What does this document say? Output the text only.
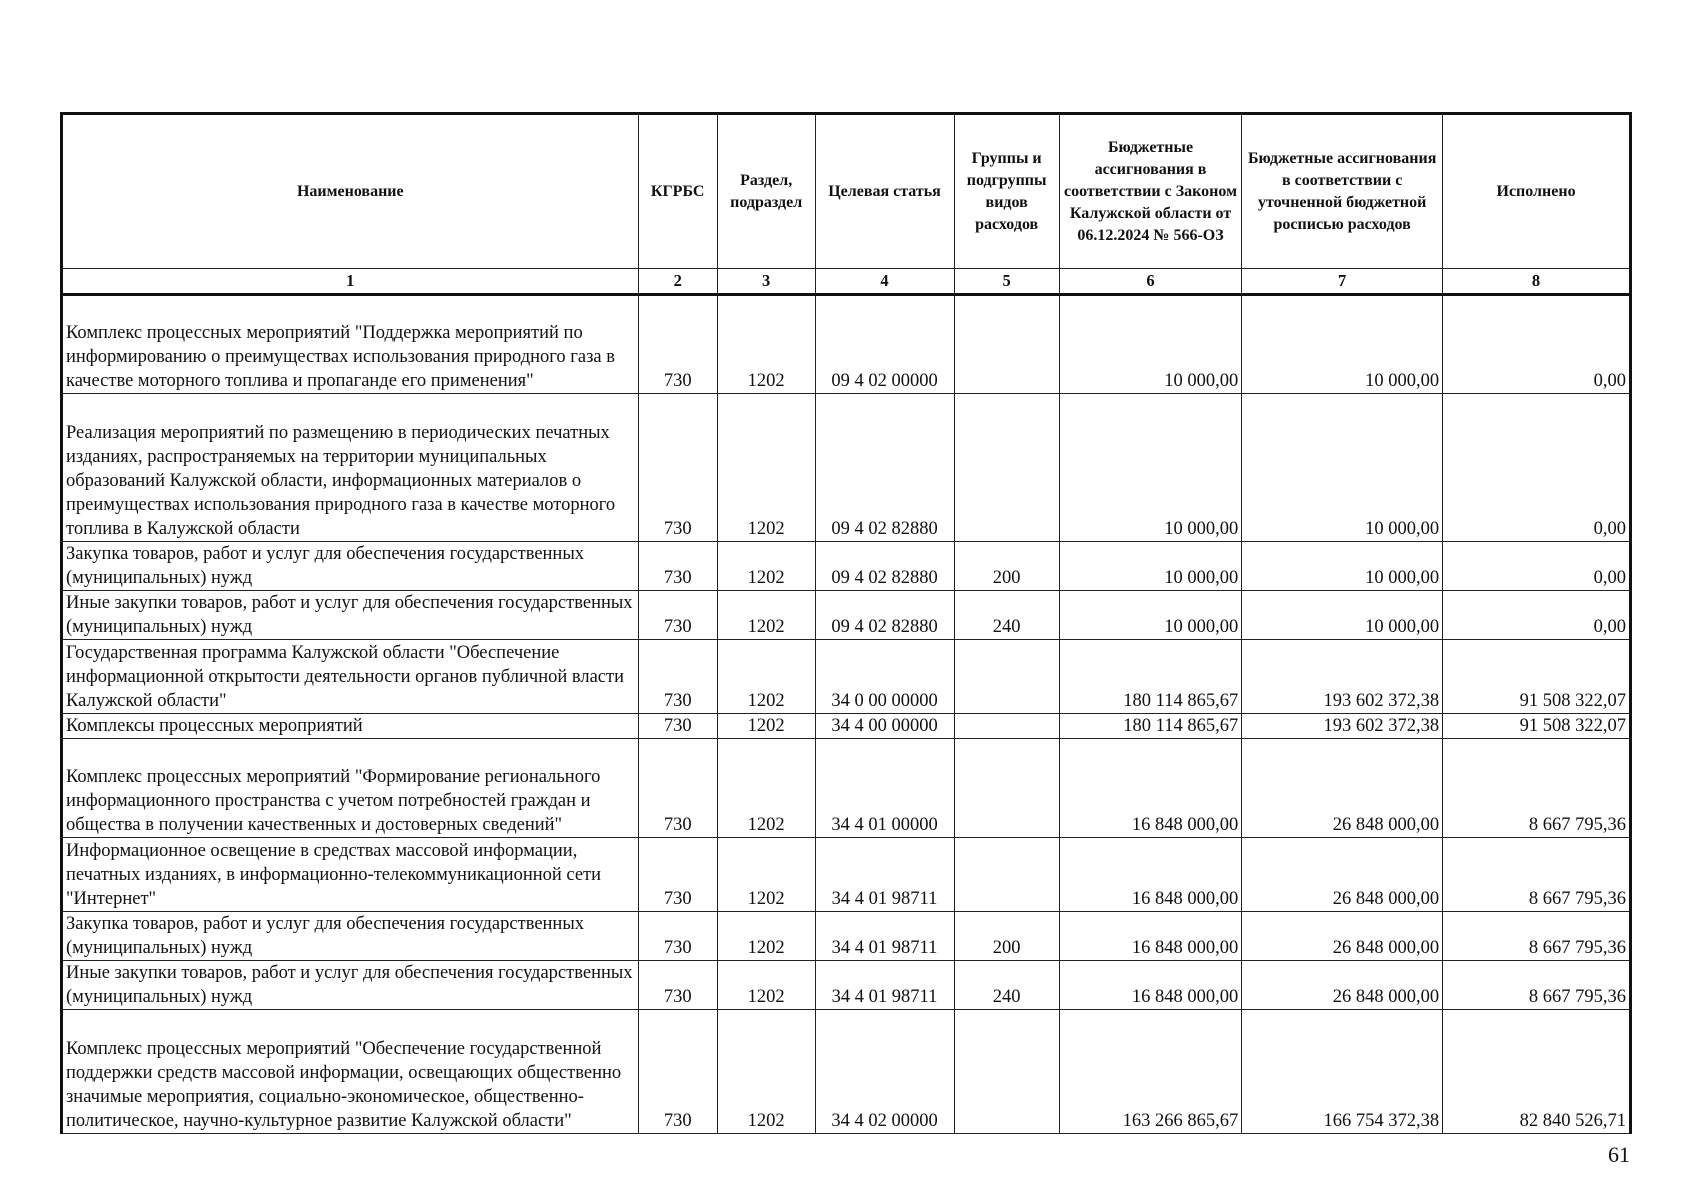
Наименование	КГРБС	Раздел, подраздел	Целевая статья	Группы и подгруппы видов расходов	Бюджетные ассигнования в соответствии с Законом Калужской области от 06.12.2024 № 566-ОЗ	Бюджетные ассигнования в соответствии с уточненной бюджетной росписью расходов	Исполнено
1	2	3	4	5	6	7	8
Комплекс процессных мероприятий "Поддержка мероприятий по информированию о преимуществах использования природного газа в качестве моторного топлива и пропаганде его применения"	730	1202	09 4 02 00000		10 000,00	10 000,00	0,00
Реализация мероприятий по размещению в периодических печатных изданиях, распространяемых на территории муниципальных образований Калужской области, информационных материалов о преимуществах использования природного газа в качестве моторного топлива в Калужской области	730	1202	09 4 02 82880		10 000,00	10 000,00	0,00
Закупка товаров, работ и услуг для обеспечения государственных (муниципальных) нужд	730	1202	09 4 02 82880	200	10 000,00	10 000,00	0,00
Иные закупки товаров, работ и услуг для обеспечения государственных (муниципальных) нужд	730	1202	09 4 02 82880	240	10 000,00	10 000,00	0,00
Государственная программа Калужской области "Обеспечение информационной открытости деятельности органов публичной власти Калужской области"	730	1202	34 0 00 00000		180 114 865,67	193 602 372,38	91 508 322,07
Комплексы процессных мероприятий	730	1202	34 4 00 00000		180 114 865,67	193 602 372,38	91 508 322,07
Комплекс процессных мероприятий "Формирование регионального информационного пространства с учетом потребностей граждан и общества в получении качественных и достоверных сведений"	730	1202	34 4 01 00000		16 848 000,00	26 848 000,00	8 667 795,36
Информационное освещение в средствах массовой информации, печатных изданиях, в информационно-телекоммуникационной сети "Интернет"	730	1202	34 4 01 98711		16 848 000,00	26 848 000,00	8 667 795,36
Закупка товаров, работ и услуг для обеспечения государственных (муниципальных) нужд	730	1202	34 4 01 98711	200	16 848 000,00	26 848 000,00	8 667 795,36
Иные закупки товаров, работ и услуг для обеспечения государственных (муниципальных) нужд	730	1202	34 4 01 98711	240	16 848 000,00	26 848 000,00	8 667 795,36
Комплекс процессных мероприятий "Обеспечение государственной поддержки средств массовой информации, освещающих общественно значимые мероприятия, социально-экономическое, общественно-политическое, научно-культурное развитие Калужской области"	730	1202	34 4 02 00000		163 266 865,67	166 754 372,38	82 840 526,71
61
